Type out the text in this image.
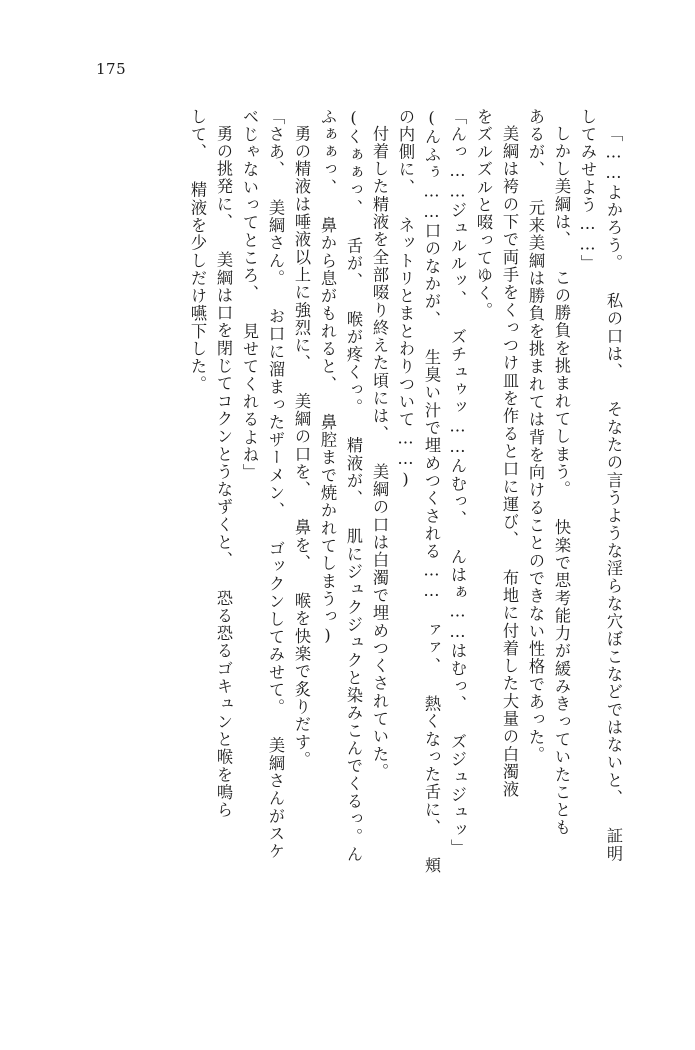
175
「……よかろう。 私の口は、 そなたの言うような淫らな穴ぼこなどではないと、 証明
してみせよう……」
しかし美綱は、 この勝負を挑まれてしまう。 快楽で思考能力が緩みきっていたことも
あるが、 元来美綱は勝負を挑まれては背を向けることのできない性格であった。
美綱は袴の下で両手をくっつけ皿を作ると口に運び、 布地に付着した大量の白濁液
をズルズルと啜ってゆく。
「んっ……ジュルルッ、 ズチュゥッ……んむっ、 んはぁ……はむっ、 ズジュジュッ」
(んふぅ……口のなかが、 生臭い汁で埋めつくされる…… ァァ、 熱くなった舌に、 頬
の内側に、 ネットリとまとわりついて……)
付着した精液を全部啜り終えた頃には、 美綱の口は白濁で埋めつくされていた。
(くぁぁっ、 舌が、 喉が疼くっ。 精液が、 肌にジュクジュクと染みこんでくるっ。ん
ふぁぁっ、 鼻から息がもれると、 鼻腔まで焼かれてしまうっ)
勇の精液は唾液以上に強烈に、 美綱の口を、 鼻を、 喉を快楽で炙りだす。
「さあ、 美綱さん。 お口に溜まったザーメン、 ゴックンしてみせて。 美綱さんがスケ
ベじゃないってところ、 見せてくれるよね」
勇の挑発に、 美綱は口を閉じてコクンとうなずくと、 恐る恐るゴキュンと喉を鳴ら
して、 精液を少しだけ嚥下した。
